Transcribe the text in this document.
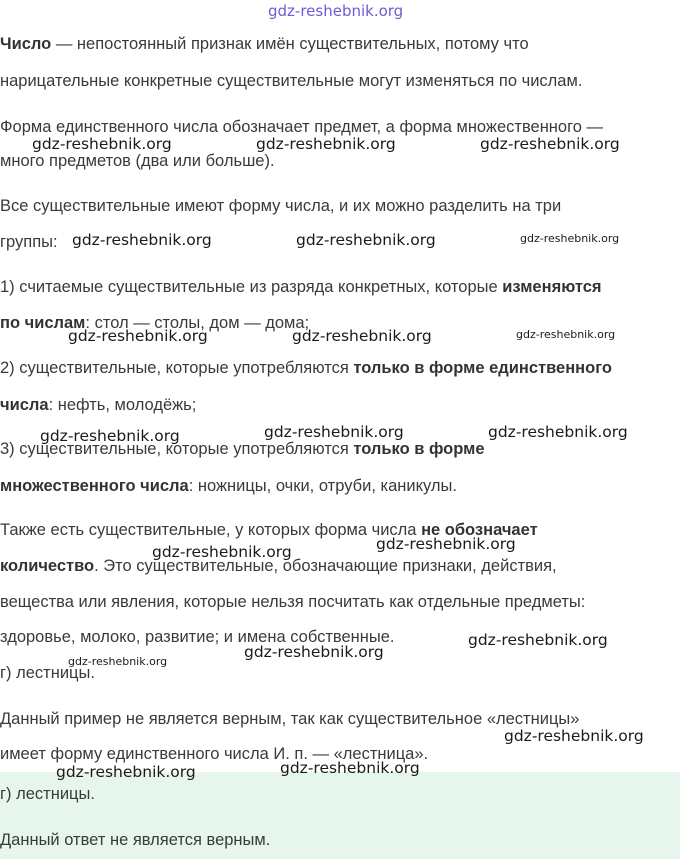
Число — непостоянный признак имён существительных, потому что
нарицательные конкретные существительные могут изменяться по числам.
Форма единственного числа обозначает предмет, а форма множественного —
много предметов (два или больше).
Все существительные имеют форму числа, и их можно разделить на три
группы:
1) считаемые существительные из разряда конкретных, которые изменяются
по числам: стол — столы, дом — дома;
2) существительные, которые употребляются только в форме единственного
числа: нефть, молодёжь;
3) существительные, которые употребляются только в форме
множественного числа: ножницы, очки, отруби, каникулы.
Также есть существительные, у которых форма числа не обозначает
количество. Это существительные, обозначающие признаки, действия,
вещества или явления, которые нельзя посчитать как отдельные предметы:
здоровье, молоко, развитие; и имена собственные.
г) лестницы.
Данный пример не является верным, так как существительное «лестницы»
имеет форму единственного числа И. п. — «лестница».
г) лестницы.
Данный ответ не является верным.
gdz-reshebnik.org
gdz-reshebnik.org	gdz-reshebnik.org	gdz-reshebnik.org
gdz-reshebnik.org	gdz-reshebnik.org	gdz-reshebnik.org
gdz-reshebnik.org	gdz-reshebnik.org	gdz-reshebnik.org
gdz-reshebnik.org	gdz-reshebnik.org	gdz-reshebnik.org
gdz-reshebnik.org	gdz-reshebnik.org
gdz-reshebnik.org
gdz-reshebnik.org
gdz-reshebnik.org
gdz-reshebnik.org
gdz-reshebnik.org	gdz-reshebnik.org
